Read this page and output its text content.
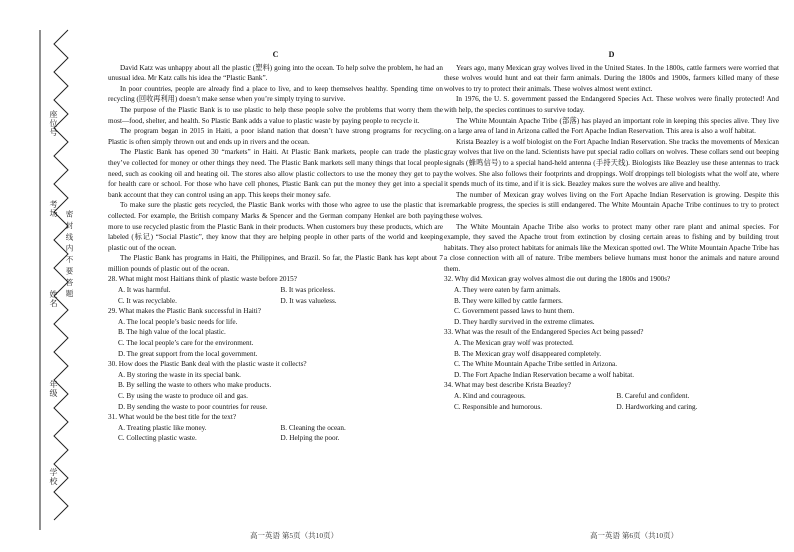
座位号
考场
密 封 线 内 不 要 答 题
姓名
年级
学校
C

David Katz was unhappy about all the plastic (塑料) going into the ocean. To help solve the problem, he had an unusual idea. Mr Katz calls his idea the “Plastic Bank”.

In poor countries, people are already find a place to live, and to keep themselves healthy. Spending time on recycling (回收再利用) doesn’t make sense when you’re simply trying to survive.

The purpose of the Plastic Bank is to use plastic to help these people solve the problems that worry them the most—food, shelter, and health. So Plastic Bank adds a value to plastic waste by paying people to recycle it.

The program began in 2015 in Haiti, a poor island nation that doesn’t have strong programs for recycling. Plastic is often simply thrown out and ends up in rivers and the ocean.

The Plastic Bank has opened 30 “markets” in Haiti. At Plastic Bank markets, people can trade the plastic they’ve collected for money or other things they need. The Plastic Bank markets sell many things that local people need, such as cooking oil and heating oil. The stores also allow plastic collectors to use the money they get to pay for health care or school. For those who have cell phones, Plastic Bank can put the money they get into a special bank account that they can control using an app. This keeps their money safe.

To make sure the plastic gets recycled, the Plastic Bank works with those who agree to use the plastic that is collected. For example, the British company Marks & Spencer and the German company Henkel are both paying more to use recycled plastic from the Plastic Bank in their products. When customers buy these products, which are labeled (标记) “Social Plastic”, they know that they are helping people in other parts of the world and keeping plastic out of the ocean.

The Plastic Bank has programs in Haiti, the Philippines, and Brazil. So far, the Plastic Bank has kept about 7 million pounds of plastic out of the ocean.

28. What might most Haitians think of plastic waste before 2015?
A. It was harmful.	B. It was priceless.
C. It was recyclable.	D. It was valueless.
29. What makes the Plastic Bank successful in Haiti?
A. The local people’s basic needs for life.
B. The high value of the local plastic.
C. The local people’s care for the environment.
D. The great support from the local government.
30. How does the Plastic Bank deal with the plastic waste it collects?
A. By storing the waste in its special bank.
B. By selling the waste to others who make products.
C. By using the waste to produce oil and gas.
D. By sending the waste to poor countries for reuse.
31. What would be the best title for the text?
A. Treating plastic like money.	B. Cleaning the ocean.
C. Collecting plastic waste.	D. Helping the poor.
D

Years ago, many Mexican gray wolves lived in the United States. In the 1800s, cattle farmers were worried that these wolves would hunt and eat their farm animals. During the 1800s and 1900s, farmers killed many of these wolves to try to protect their animals. These wolves almost went extinct.

In 1976, the U. S. government passed the Endangered Species Act. These wolves were finally protected! And with help, the species continues to survive today.

The White Mountain Apache Tribe (部落) has played an important role in keeping this species alive. They live on a large area of land in Arizona called the Fort Apache Indian Reservation. This area is also a wolf habitat.

Krista Beazley is a wolf biologist on the Fort Apache Indian Reservation. She tracks the movements of Mexican gray wolves that live on the land. Scientists have put special radio collars on wolves. These collars send out beeping signals (蜂鸣信号) to a special hand-held antenna (手持天线). Biologists like Beazley use these antennas to track the wolves. She also follows their footprints and droppings. Wolf droppings tell biologists what the wolf ate, where it spends much of its time, and if it is sick. Beazley makes sure the wolves are alive and healthy.

The number of Mexican gray wolves living on the Fort Apache Indian Reservation is growing. Despite this remarkable progress, the species is still endangered. The White Mountain Apache Tribe continues to try to protect these wolves.

The White Mountain Apache Tribe also works to protect many other rare plant and animal species. For example, they saved the Apache trout from extinction by closing certain areas to fishing and by building trout habitats. They also protect habitats for animals like the Mexican spotted owl. The White Mountain Apache Tribe has a close connection with all of nature. Tribe members believe humans must honor the animals and nature around them.

32. Why did Mexican gray wolves almost die out during the 1800s and 1900s?
A. They were eaten by farm animals.
B. They were killed by cattle farmers.
C. Government passed laws to hunt them.
D. They hardly survived in the extreme climates.
33. What was the result of the Endangered Species Act being passed?
A. The Mexican gray wolf was protected.
B. The Mexican gray wolf disappeared completely.
C. The White Mountain Apache Tribe settled in Arizona.
D. The Fort Apache Indian Reservation became a wolf habitat.
34. What may best describe Krista Beazley?
A. Kind and courageous.	B. Careful and confident.
C. Responsible and humorous.	D. Hardworking and caring.
高一英语 第5页（共10页）	高一英语 第6页（共10页）
